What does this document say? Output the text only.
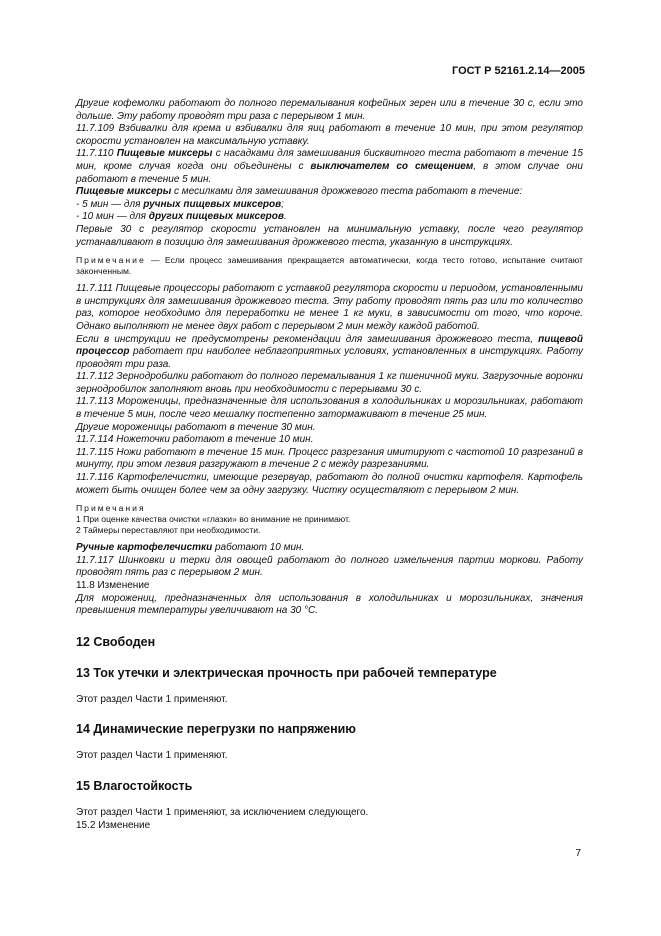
ГОСТ Р 52161.2.14—2005

Другие кофемолки работают до полного перемалывания кофейных зерен или в течение 30 с, если это дольше. Эту работу проводят три раза с перерывом 1 мин.

11.7.109 Взбивалки для крема и взбивалки для яиц работают в течение 10 мин, при этом регулятор скорости установлен на максимальную уставку.

11.7.110 Пищевые миксеры с насадками для замешивания бисквитного теста работают в течение 15 мин, кроме случая когда они объединены с выключателем со смещением, в этом случае они работают в течение 5 мин.

Пищевые миксеры с месилками для замешивания дрожжевого теста работают в течение:

- 5 мин — для ручных пищевых миксеров;

- 10 мин — для других пищевых миксеров.

Первые 30 с регулятор скорости установлен на минимальную уставку, после чего регулятор устанавливают в позицию для замешивания дрожжевого теста, указанную в инструкциях.

Примечание — Если процесс замешивания прекращается автоматически, когда тесто готово, испытание считают законченным.

11.7.111 Пищевые процессоры работают с уставкой регулятора скорости и периодом, установленными в инструкциях для замешивания дрожжевого теста. Эту работу проводят пять раз или то количество раз, которое необходимо для переработки не менее 1 кг муки, в зависимости от того, что короче. Однако выполняют не менее двух работ с перерывом 2 мин между каждой работой.

Если в инструкции не предусмотрены рекомендации для замешивания дрожжевого теста, пищевой процессор работает при наиболее неблагоприятных условиях, установленных в инструкциях. Работу проводят три раза.

11.7.112 Зернодробилки работают до полного перемалывания 1 кг пшеничной муки. Загрузочные воронки зернодробилок заполняют вновь при необходимости с перерывами 30 с.

11.7.113 Мороженицы, предназначенные для использования в холодильниках и морозильниках, работают в течение 5 мин, после чего мешалку постепенно затормаживают в течение 25 мин.

Другие мороженицы работают в течение 30 мин.

11.7.114 Ножеточки работают в течение 10 мин.

11.7.115 Ножи работают в течение 15 мин. Процесс разрезания имитируют с частотой 10 разрезаний в минуту, при этом лезвия разгружают в течение 2 с между разрезаниями.

11.7.116 Картофелечистки, имеющие резервуар, работают до полной очистки картофеля. Картофель может быть очищен более чем за одну загрузку. Чистку осуществляют с перерывом 2 мин.

Примечания

1 При оценке качества очистки «глазки» во внимание не принимают.

2 Таймеры переставляют при необходимости.

Ручные картофелечистки работают 10 мин.

11.7.117 Шинковки и терки для овощей работают до полного измельчения партии моркови. Работу проводят пять раз с перерывом 2 мин.

11.8 Изменение

Для морожениц, предназначенных для использования в холодильниках и морозильниках, значения превышения температуры увеличивают на 30 °С.

12 Свободен
13 Ток утечки и электрическая прочность при рабочей температуре

Этот раздел Части 1 применяют.

14 Динамические перегрузки по напряжению

Этот раздел Части 1 применяют.

15 Влагостойкость

Этот раздел Части 1 применяют, за исключением следующего.

15.2 Изменение

7
